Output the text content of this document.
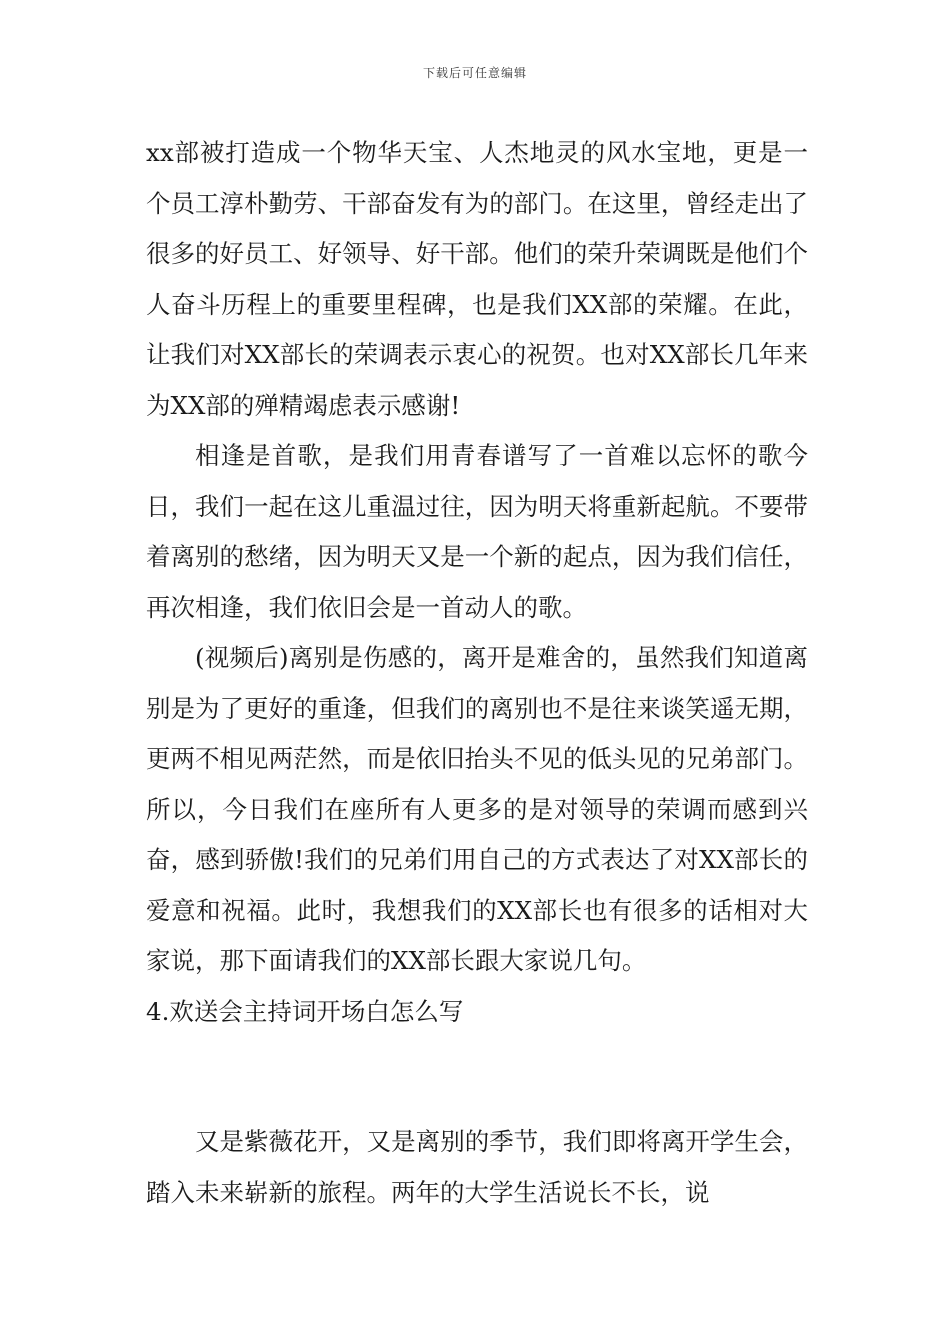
下载后可任意编辑

xx部被打造成一个物华天宝、人杰地灵的风水宝地，更是一个员工淳朴勤劳、干部奋发有为的部门。在这里，曾经走出了很多的好员工、好领导、好干部。他们的荣升荣调既是他们个人奋斗历程上的重要里程碑，也是我们XX部的荣耀。在此，让我们对XX部长的荣调表示衷心的祝贺。也对XX部长几年来为XX部的殚精竭虑表示感谢!

相逢是首歌，是我们用青春谱写了一首难以忘怀的歌今日，我们一起在这儿重温过往，因为明天将重新起航。不要带着离别的愁绪，因为明天又是一个新的起点，因为我们信任，再次相逢，我们依旧会是一首动人的歌。

(视频后)离别是伤感的，离开是难舍的，虽然我们知道离别是为了更好的重逢，但我们的离别也不是往来谈笑遥无期，更两不相见两茫然，而是依旧抬头不见的低头见的兄弟部门。所以，今日我们在座所有人更多的是对领导的荣调而感到兴奋，感到骄傲!我们的兄弟们用自己的方式表达了对XX部长的爱意和祝福。此时，我想我们的XX部长也有很多的话相对大家说，那下面请我们的XX部长跟大家说几句。

4.欢送会主持词开场白怎么写

又是紫薇花开，又是离别的季节，我们即将离开学生会，踏入未来崭新的旅程。两年的大学生活说长不长，说
